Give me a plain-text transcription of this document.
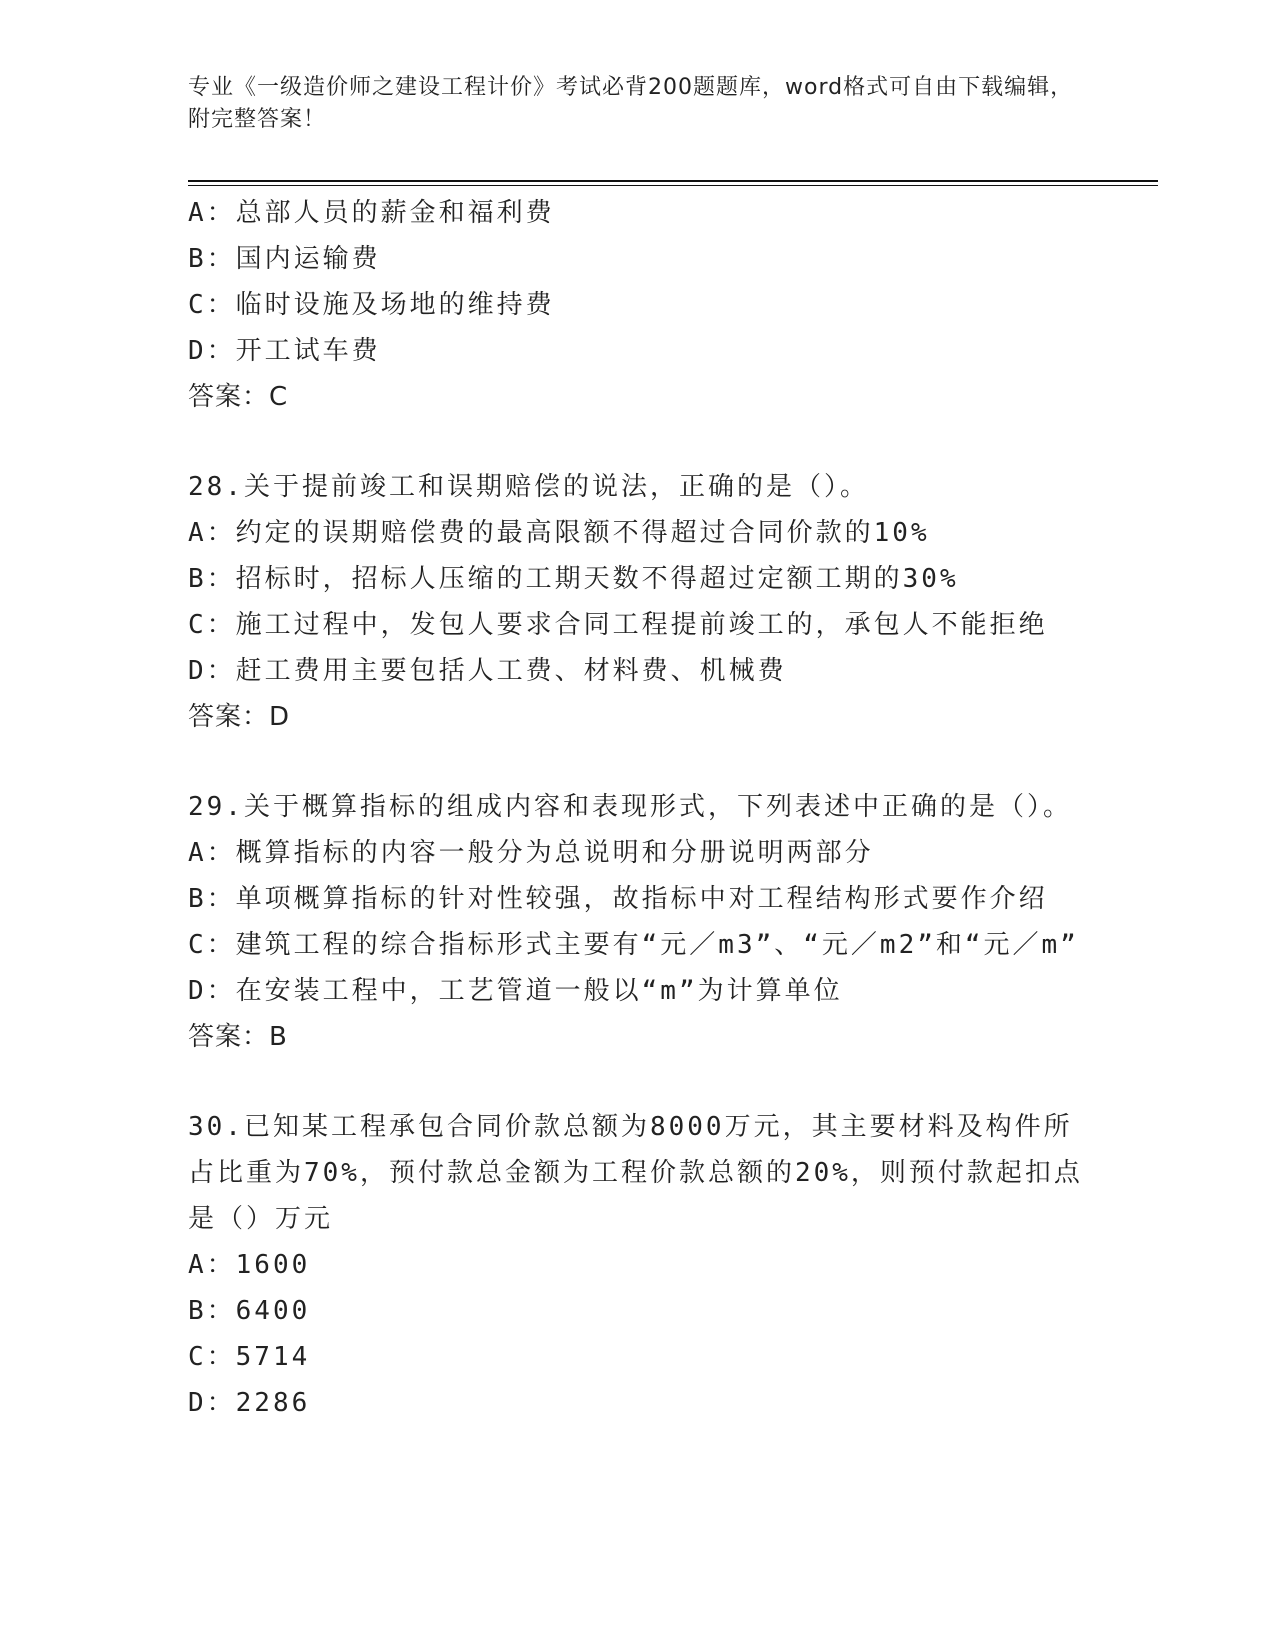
专业《一级造价师之建设工程计价》考试必背200题题库，word格式可自由下载编辑，附完整答案！
A：总部人员的薪金和福利费
B：国内运输费
C：临时设施及场地的维持费
D：开工试车费
答案：C
28.关于提前竣工和误期赔偿的说法，正确的是（）。
A：约定的误期赔偿费的最高限额不得超过合同价款的10%
B：招标时，招标人压缩的工期天数不得超过定额工期的30%
C：施工过程中，发包人要求合同工程提前竣工的，承包人不能拒绝
D：赶工费用主要包括人工费、材料费、机械费
答案：D
29.关于概算指标的组成内容和表现形式，下列表述中正确的是（）。
A：概算指标的内容一般分为总说明和分册说明两部分
B：单项概算指标的针对性较强，故指标中对工程结构形式要作介绍
C：建筑工程的综合指标形式主要有“元／m3”、“元／m2”和“元／m”
D：在安装工程中，工艺管道一般以“m”为计算单位
答案：B
30.已知某工程承包合同价款总额为8000万元，其主要材料及构件所占比重为70%，预付款总金额为工程价款总额的20%，则预付款起扣点是（）万元
A：1600
B：6400
C：5714
D：2286
